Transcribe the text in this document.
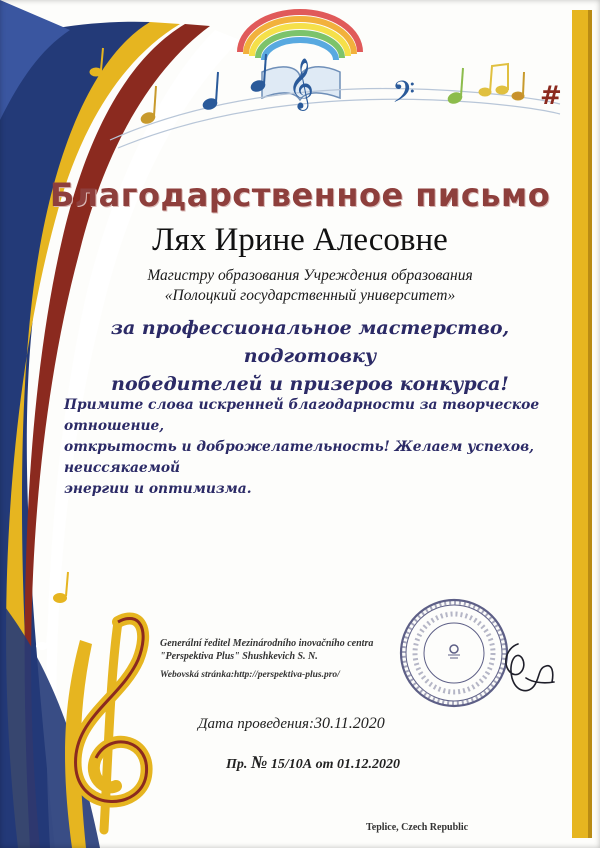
𝄞 𝄢	#
Благодарственное письмо
Лях Ирине Алесовне
Магистру образования Учреждения образования
«Полоцкий государственный университет»
за профессиональное мастерство, подготовку
победителей и призеров конкурса!
Примите слова искренней благодарности за творческое отношение,
открытость и доброжелательность! Желаем успехов, неиссякаемой
энергии и оптимизма.
Generální ředitel Mezinárodního inovačního centra
"Perspektiva Plus" Shushkevich S. N.
Webovská stránka:http://perspektiva-plus.pro/
Дата проведения:30.11.2020
Пр. № 15/10А от 01.12.2020
Teplice, Czech Republic
